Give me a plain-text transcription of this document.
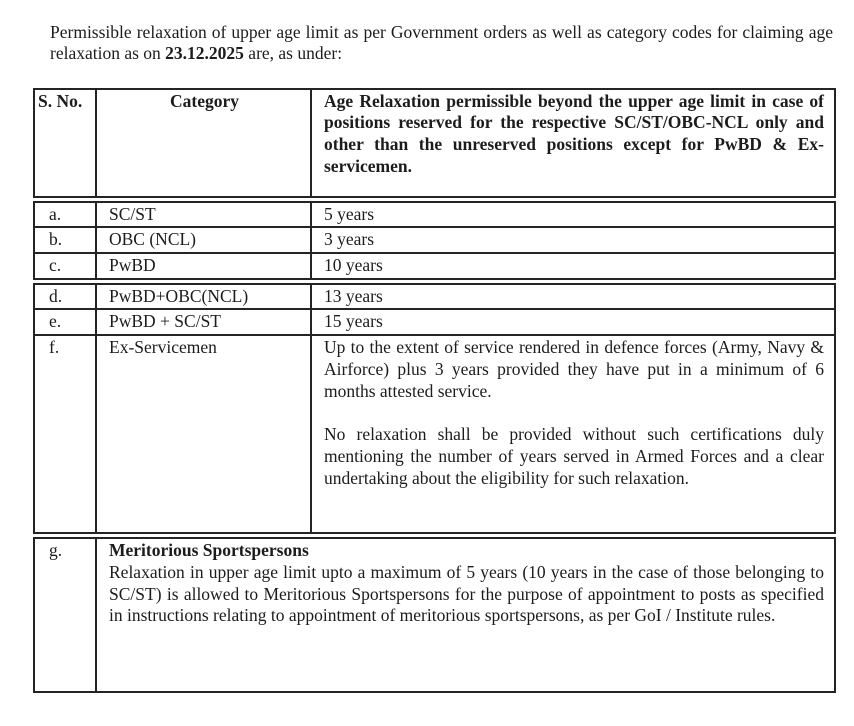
Permissible relaxation of upper age limit as per Government orders as well as category codes for claiming age relaxation as on 23.12.2025 are, as under:

S. No.	Category	Age Relaxation permissible beyond the upper age limit in case of positions reserved for the respective SC/ST/OBC-NCL only and other than the unreserved positions except for PwBD & Ex-servicemen.
a.	SC/ST	5 years
b.	OBC (NCL)	3 years
c.	PwBD	10 years
d.	PwBD+OBC(NCL)	13 years
e.	PwBD + SC/ST	15 years
f.	Ex-Servicemen	Up to the extent of service rendered in defence forces (Army, Navy & Airforce) plus 3 years provided they have put in a minimum of 6 months attested service.

No relaxation shall be provided without such certifications duly mentioning the number of years served in Armed Forces and a clear undertaking about the eligibility for such relaxation.

g.	Meritorious Sportspersons

Relaxation in upper age limit upto a maximum of 5 years (10 years in the case of those belonging to SC/ST) is allowed to Meritorious Sportspersons for the purpose of appointment to posts as specified in instructions relating to appointment of meritorious sportspersons, as per GoI / Institute rules.	
